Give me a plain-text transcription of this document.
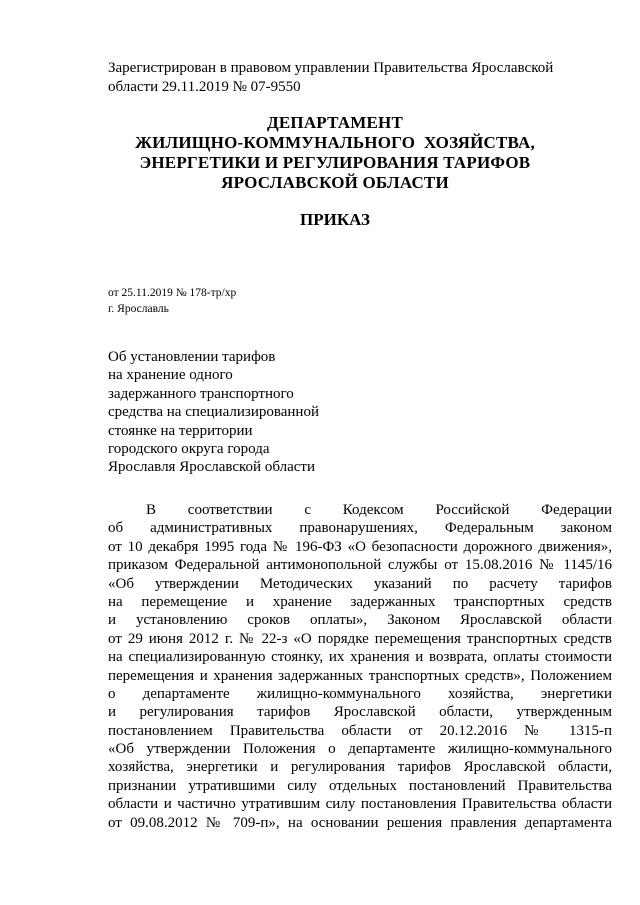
Зарегистрирован в правовом управлении Правительства Ярославской
области 29.11.2019 № 07-9550
ДЕПАРТАМЕНТ
ЖИЛИЩНО-КОММУНАЛЬНОГО  ХОЗЯЙСТВА,
ЭНЕРГЕТИКИ И РЕГУЛИРОВАНИЯ ТАРИФОВ
ЯРОСЛАВСКОЙ ОБЛАСТИ
ПРИКАЗ
от 25.11.2019 № 178-тр/хр
г. Ярославль
Об установлении тарифов
на хранение одного
задержанного транспортного
средства на специализированной
стоянке на территории
городского округа города
Ярославля Ярославской области
В соответствии с Кодексом Российской Федерации
об административных правонарушениях, Федеральным законом
от 10 декабря 1995 года № 196-ФЗ «О безопасности дорожного движения»,
приказом Федеральной антимонопольной службы от 15.08.2016 № 1145/16
«Об утверждении Методических указаний по расчету тарифов
на перемещение и хранение задержанных транспортных средств
и установлению сроков оплаты», Законом Ярославской области
от 29 июня 2012 г. № 22-з «О порядке перемещения транспортных средств
на специализированную стоянку, их хранения и возврата, оплаты стоимости
перемещения и хранения задержанных транспортных средств», Положением
о департаменте жилищно-коммунального хозяйства, энергетики
и регулирования тарифов Ярославской области, утвержденным
постановлением Правительства области от 20.12.2016 № 1315-п
«Об утверждении Положения о департаменте жилищно-коммунального
хозяйства, энергетики и регулирования тарифов Ярославской области,
признании утратившими силу отдельных постановлений Правительства
области и частично утратившим силу постановления Правительства области
от 09.08.2012 № 709-п», на основании решения правления департамента
